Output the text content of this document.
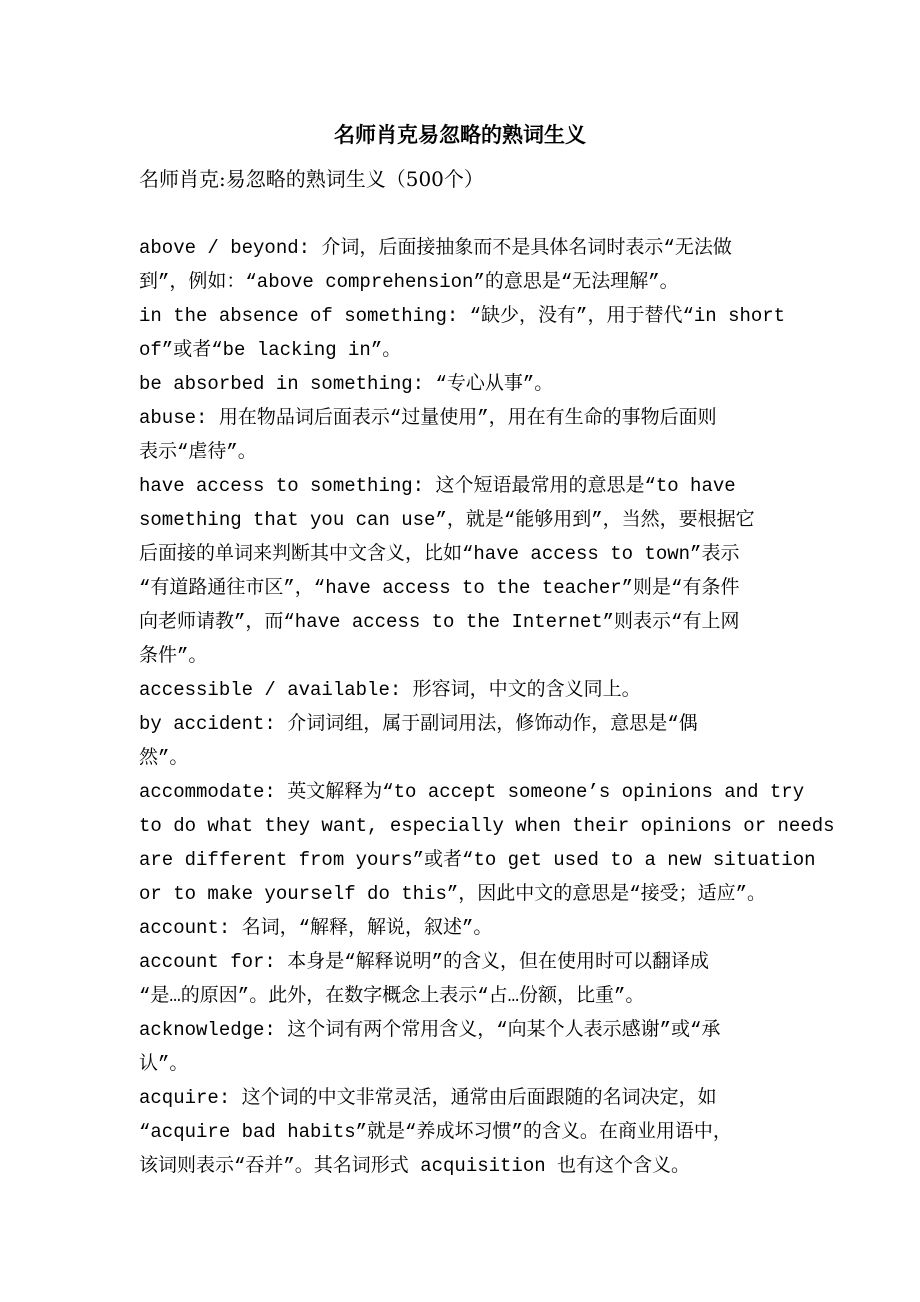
名师肖克易忽略的熟词生义
名师肖克:易忽略的熟词生义（500个）
above / beyond: 介词，后面接抽象而不是具体名词时表示“无法做
到”，例如：“above comprehension”的意思是“无法理解”。
in the absence of something: “缺少，没有”，用于替代“in short
of”或者“be lacking in”。
be absorbed in something: “专心从事”。
abuse: 用在物品词后面表示“过量使用”，用在有生命的事物后面则
表示“虐待”。
have access to something: 这个短语最常用的意思是“to have
something that you can use”，就是“能够用到”，当然，要根据它
后面接的单词来判断其中文含义，比如“have access to town”表示
“有道路通往市区”，“have access to the teacher”则是“有条件
向老师请教”，而“have access to the Internet”则表示“有上网
条件”。
accessible / available: 形容词，中文的含义同上。
by accident: 介词词组，属于副词用法，修饰动作，意思是“偶
然”。
accommodate: 英文解释为“to accept someone’s opinions and try
to do what they want, especially when their opinions or needs
are different from yours”或者“to get used to a new situation
or to make yourself do this”，因此中文的意思是“接受；适应”。
account: 名词，“解释，解说，叙述”。
account for: 本身是“解释说明”的含义，但在使用时可以翻译成
“是…的原因”。此外，在数字概念上表示“占…份额，比重”。
acknowledge: 这个词有两个常用含义，“向某个人表示感谢”或“承
认”。
acquire: 这个词的中文非常灵活，通常由后面跟随的名词决定，如
“acquire bad habits”就是“养成坏习惯”的含义。在商业用语中，
该词则表示“吞并”。其名词形式 acquisition 也有这个含义。
